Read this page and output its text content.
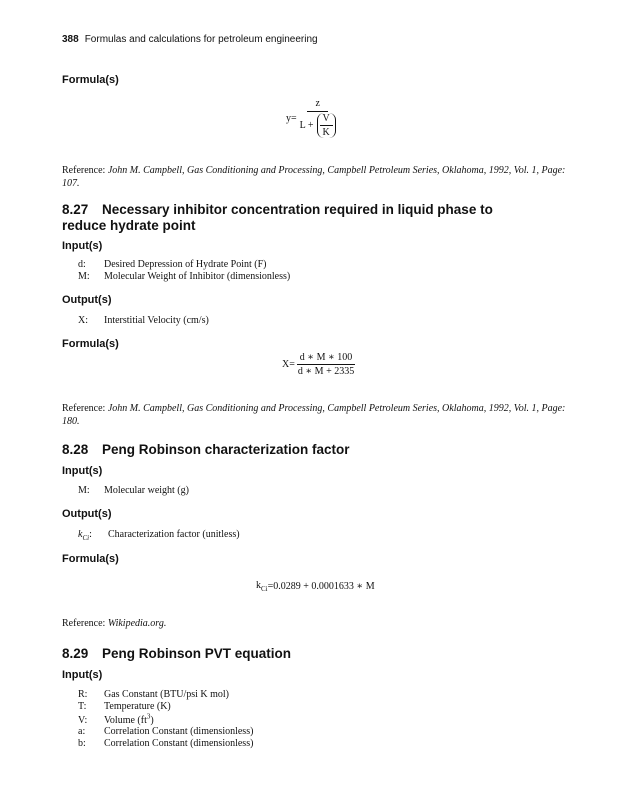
388 Formulas and calculations for petroleum engineering
Formula(s)
$y= \frac{z}{L + \frac{V}{K}}$
Reference: John M. Campbell, Gas Conditioning and Processing, Campbell Petroleum Series, Oklahoma, 1992, Vol. 1, Page: 107.
8.27 Necessary inhibitor concentration required in liquid phase to reduce hydrate point
Input(s)
d: Desired Depression of Hydrate Point (F)
M: Molecular Weight of Inhibitor (dimensionless)
Output(s)
X: Interstitial Velocity (cm/s)
Formula(s)
$X= \frac{d ∗ M ∗ 100}{d ∗ M + 2335}$
Reference: John M. Campbell, Gas Conditioning and Processing, Campbell Petroleum Series, Oklahoma, 1992, Vol. 1, Page: 180.
8.28 Peng Robinson characterization factor
Input(s)
M: Molecular weight (g)
Output(s)
$k_{Ci}$: Characterization factor (unitless)
Formula(s)
$k_{Ci} =0.0289 + 0.0001633$ ∗ M
Reference: Wikipedia.org.
8.29 Peng Robinson PVT equation
Input(s)
R: Gas Constant (BTU/psi K mol)
T: Temperature (K)
V: Volume $(ft^3)$
a: Correlation Constant (dimensionless)
b: Correlation Constant (dimensionless)
